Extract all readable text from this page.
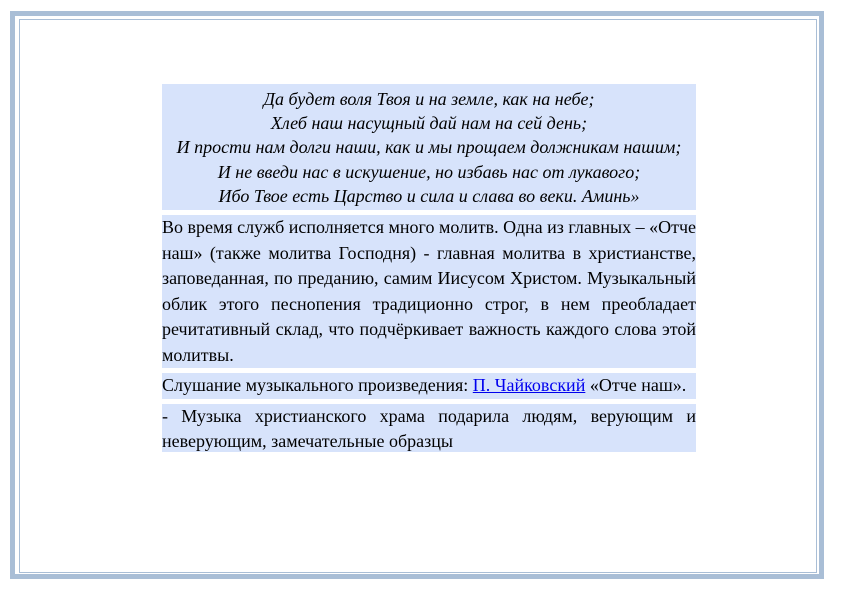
Да будет воля Твоя и на земле, как на небе;
Хлеб наш насущный дай нам на сей день;
И прости нам долги наши, как и мы прощаем должникам нашим;
И не введи нас в искушение, но избавь нас от лукавого;
Ибо Твое есть Царство и сила и слава во веки. Аминь»
Во время служб исполняется много молитв. Одна из главных – «Отче наш» (также молитва Господня) - главная молитва в христианстве, заповеданная, по преданию, самим Иисусом Христом. Музыкальный облик этого песнопения традиционно строг, в нем преобладает речитативный склад, что подчёркивает важность каждого слова этой молитвы.
Слушание музыкального произведения: П. Чайковский «Отче наш».
- Музыка христианского храма подарила людям, верующим и неверующим, замечательные образцы
